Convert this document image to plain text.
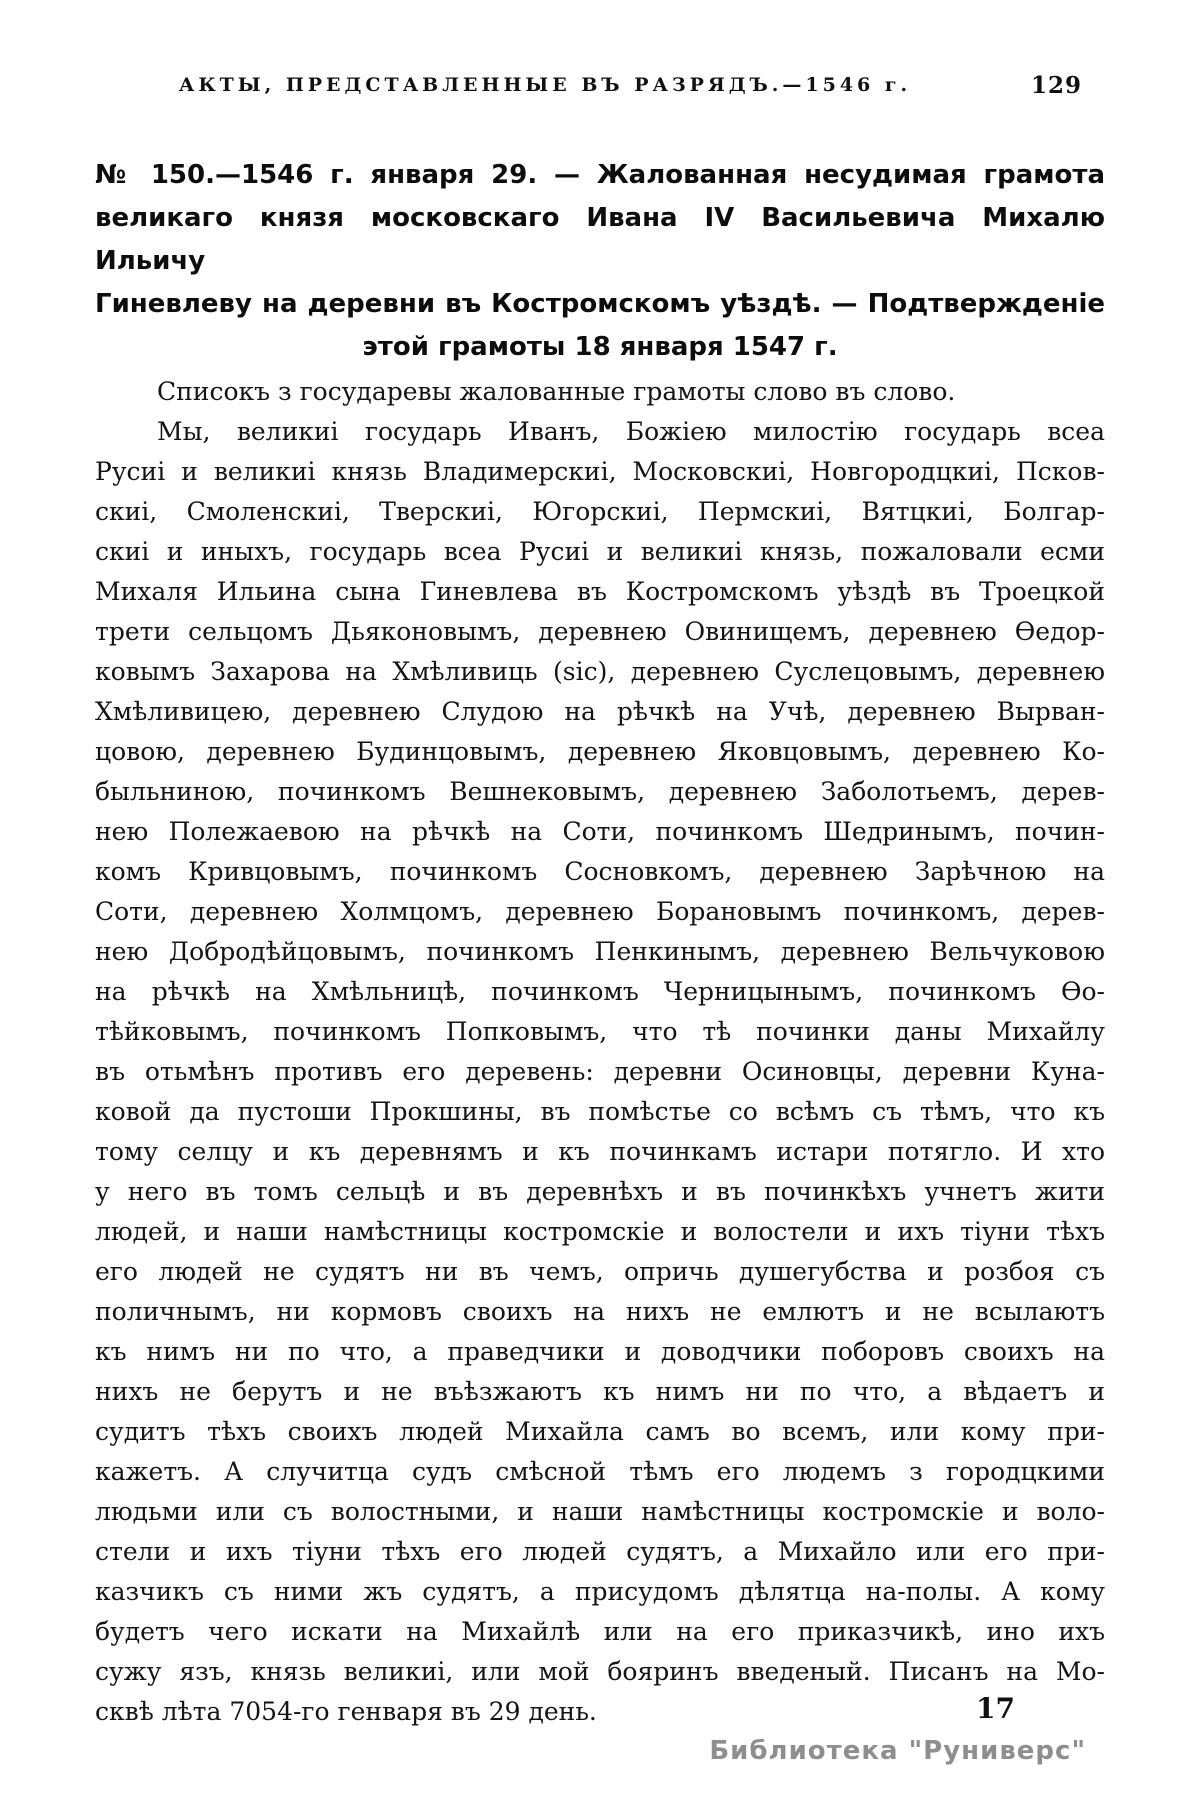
АКТЫ, ПРЕДСТАВЛЕННЫЕ ВЪ РАЗРЯДЪ.—1546 г.	129
№ 150.—1546 г. января 29. — Жалованная несудимая грамота
великаго князя московскаго Ивана IV Васильевича Михалю Ильичу
Гиневлеву на деревни въ Костромскомъ уѣздѣ. — Подтвержденіе
этой грамоты 18 января 1547 г.
Списокъ з государевы жалованные грамоты слово въ слово.
Мы, великиі государь Иванъ, Божіею милостію государь всеа
Русиі и великиі князь Владимерскиі, Московскиі, Новгородцкиі, Псков-
скиі, Смоленскиі, Тверскиі, Югорскиі, Пермскиі, Вятцкиі, Болгар-
скиі и иныхъ, государь всеа Русиі и великиі князь, пожаловали есми
Михаля Ильина сына Гиневлева въ Костромскомъ уѣздѣ въ Троецкой
трети сельцомъ Дьяконовымъ, деревнею Овинищемъ, деревнею Ѳедор-
ковымъ Захарова на Хмѣливиць (sic), деревнею Суслецовымъ, деревнею
Хмѣливицею, деревнею Слудою на рѣчкѣ на Учѣ, деревнею Вырван-
цовою, деревнею Будинцовымъ, деревнею Яковцовымъ, деревнею Ко-
быльниною, починкомъ Вешнековымъ, деревнею Заболотьемъ, дерев-
нею Полежаевою на рѣчкѣ на Соти, починкомъ Шедринымъ, почин-
комъ Кривцовымъ, починкомъ Сосновкомъ, деревнею Зарѣчною на
Соти, деревнею Холмцомъ, деревнею Борановымъ починкомъ, дерев-
нею Добродѣйцовымъ, починкомъ Пенкинымъ, деревнею Вельчуковою
на рѣчкѣ на Хмѣльницѣ, починкомъ Черницынымъ, починкомъ Ѳо-
тѣйковымъ, починкомъ Попковымъ, что тѣ починки даны Михайлу
въ отьмѣнъ противъ его деревень: деревни Осиновцы, деревни Куна-
ковой да пустоши Прокшины, въ помѣстье со всѣмъ съ тѣмъ, что къ
тому селцу и къ деревнямъ и къ починкамъ истари потягло. И хто
у него въ томъ сельцѣ и въ деревнѣхъ и въ починкѣхъ учнетъ жити
людей, и наши намѣстницы костромскіе и волостели и ихъ тіуни тѣхъ
его людей не судятъ ни въ чемъ, опричь душегубства и розбоя съ
поличнымъ, ни кормовъ своихъ на нихъ не емлютъ и не всылаютъ
къ нимъ ни по что, а праведчики и доводчики поборовъ своихъ на
нихъ не берутъ и не въѣзжаютъ къ нимъ ни по что, а вѣдаетъ и
судитъ тѣхъ своихъ людей Михайла самъ во всемъ, или кому при-
кажетъ. А случитца судъ смѣсной тѣмъ его людемъ з городцкими
людьми или съ волостными, и наши намѣстницы костромскіе и воло-
стели и ихъ тіуни тѣхъ его людей судятъ, а Михайло или его при-
казчикъ съ ними жъ судятъ, а присудомъ дѣлятца на-полы. А кому
будетъ чего искати на Михайлѣ или на его приказчикѣ, ино ихъ
сужу язъ, князь великиі, или мой бояринъ введеный. Писанъ на Мо-
сквѣ лѣта 7054-го генваря въ 29 день.	17
Библиотека "Руниверс"
